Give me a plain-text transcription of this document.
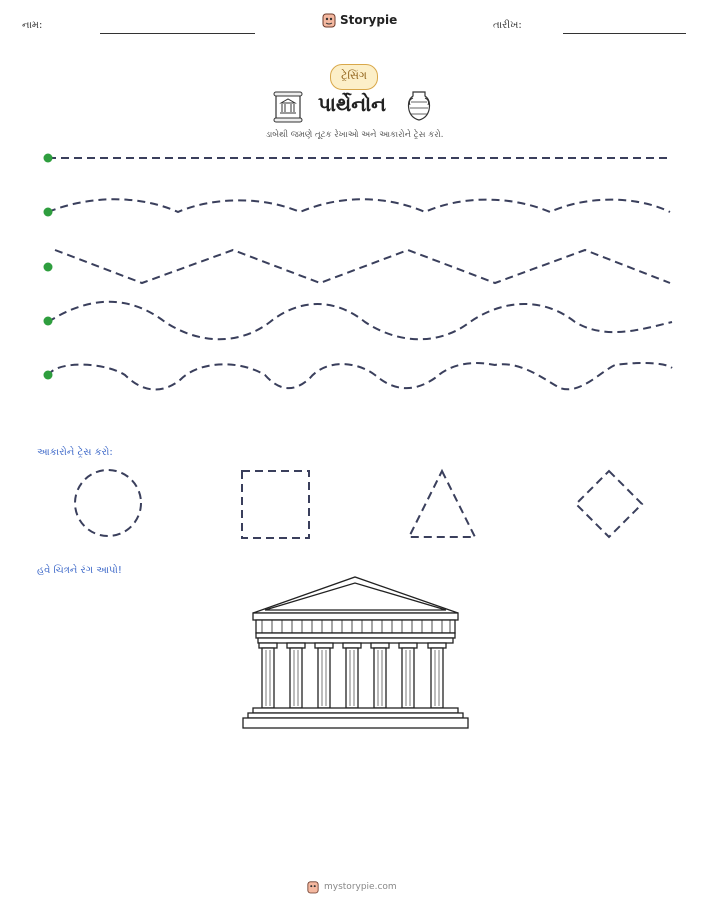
નામ:	Storypie	તારીખ:
ટ્રેસિંગ
પાર્થેનોન
ડાબેથી જમણે તૂટક રેખાઓ અને આકારોને ટ્રેસ કરો.
આકારોને ટ્રેસ કરો:
હવે ચિત્રને રંગ આપો!
mystorypie.com
